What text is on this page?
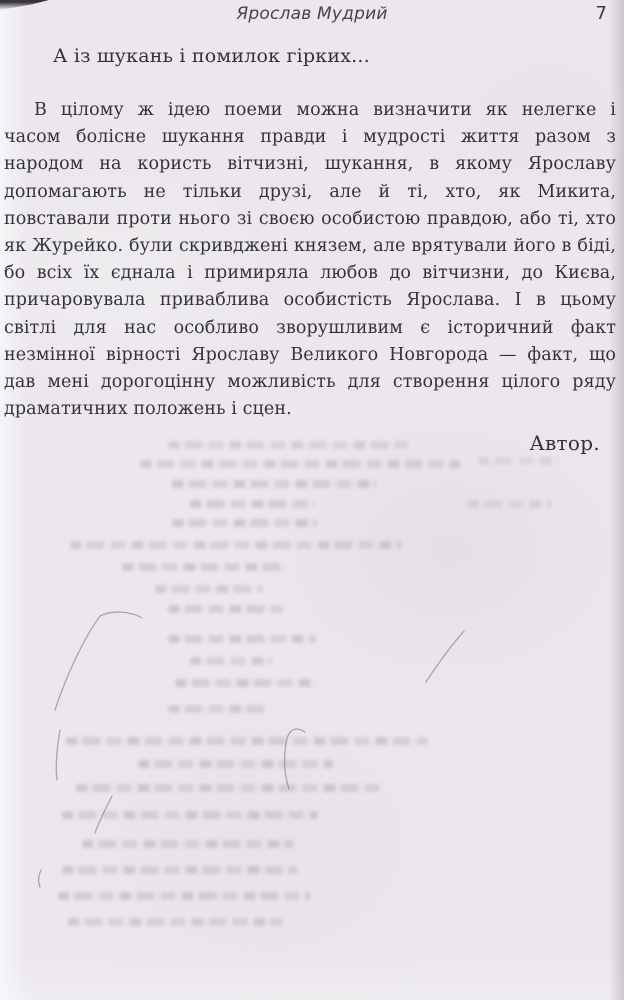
Ярослав Мудрий	7
А із шукань і помилок гірких...
В цілому ж ідею поеми можна визначити як нелегке і
часом болісне шукання правди і мудрості життя разом з
народом на користь вітчизні, шукання, в якому Ярославу
допомагають не тільки друзі, але й ті, хто, як Микита,
повставали проти нього зі своєю особистою правдою, або ті, хто
як Журейко. були скривджені князем, але врятували його в біді,
бо всіх їх єднала і примиряла любов до вітчизни, до Києва,
причаровувала приваблива особистість Ярослава. І в цьому
світлі для нас особливо зворушливим є історичний факт
незмінної вірності Ярославу Великого Новгорода — факт, що
дав мені дорогоцінну можливість для створення цілого ряду
драматичних положень і сцен.
Автор.
